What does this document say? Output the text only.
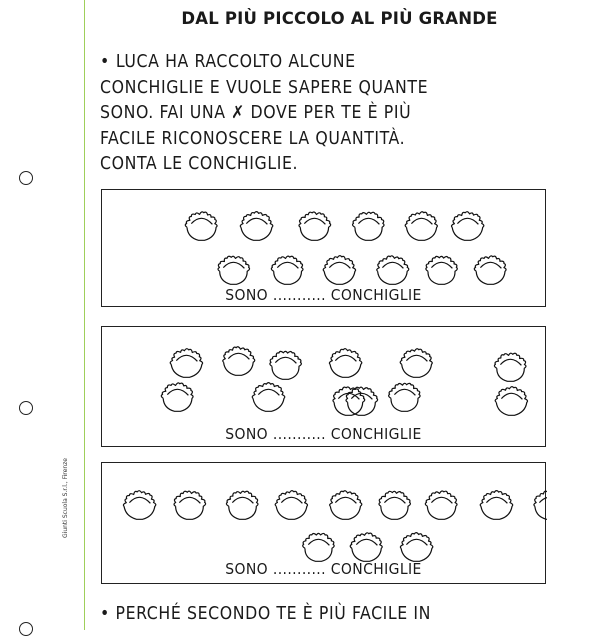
Giunti Scuola S.r.l., Firenze
DAL PIÙ PICCOLO AL PIÙ GRANDE
• LUCA HA RACCOLTO ALCUNE
CONCHIGLIE E VUOLE SAPERE QUANTE
SONO. FAI UNA ✗ DOVE PER TE È PIÙ
FACILE RICONOSCERE LA QUANTITÀ.
CONTA LE CONCHIGLIE.
SONO ........... CONCHIGLIE
SONO ........... CONCHIGLIE
SONO ........... CONCHIGLIE
• PERCHÉ SECONDO TE È PIÙ FACILE IN
